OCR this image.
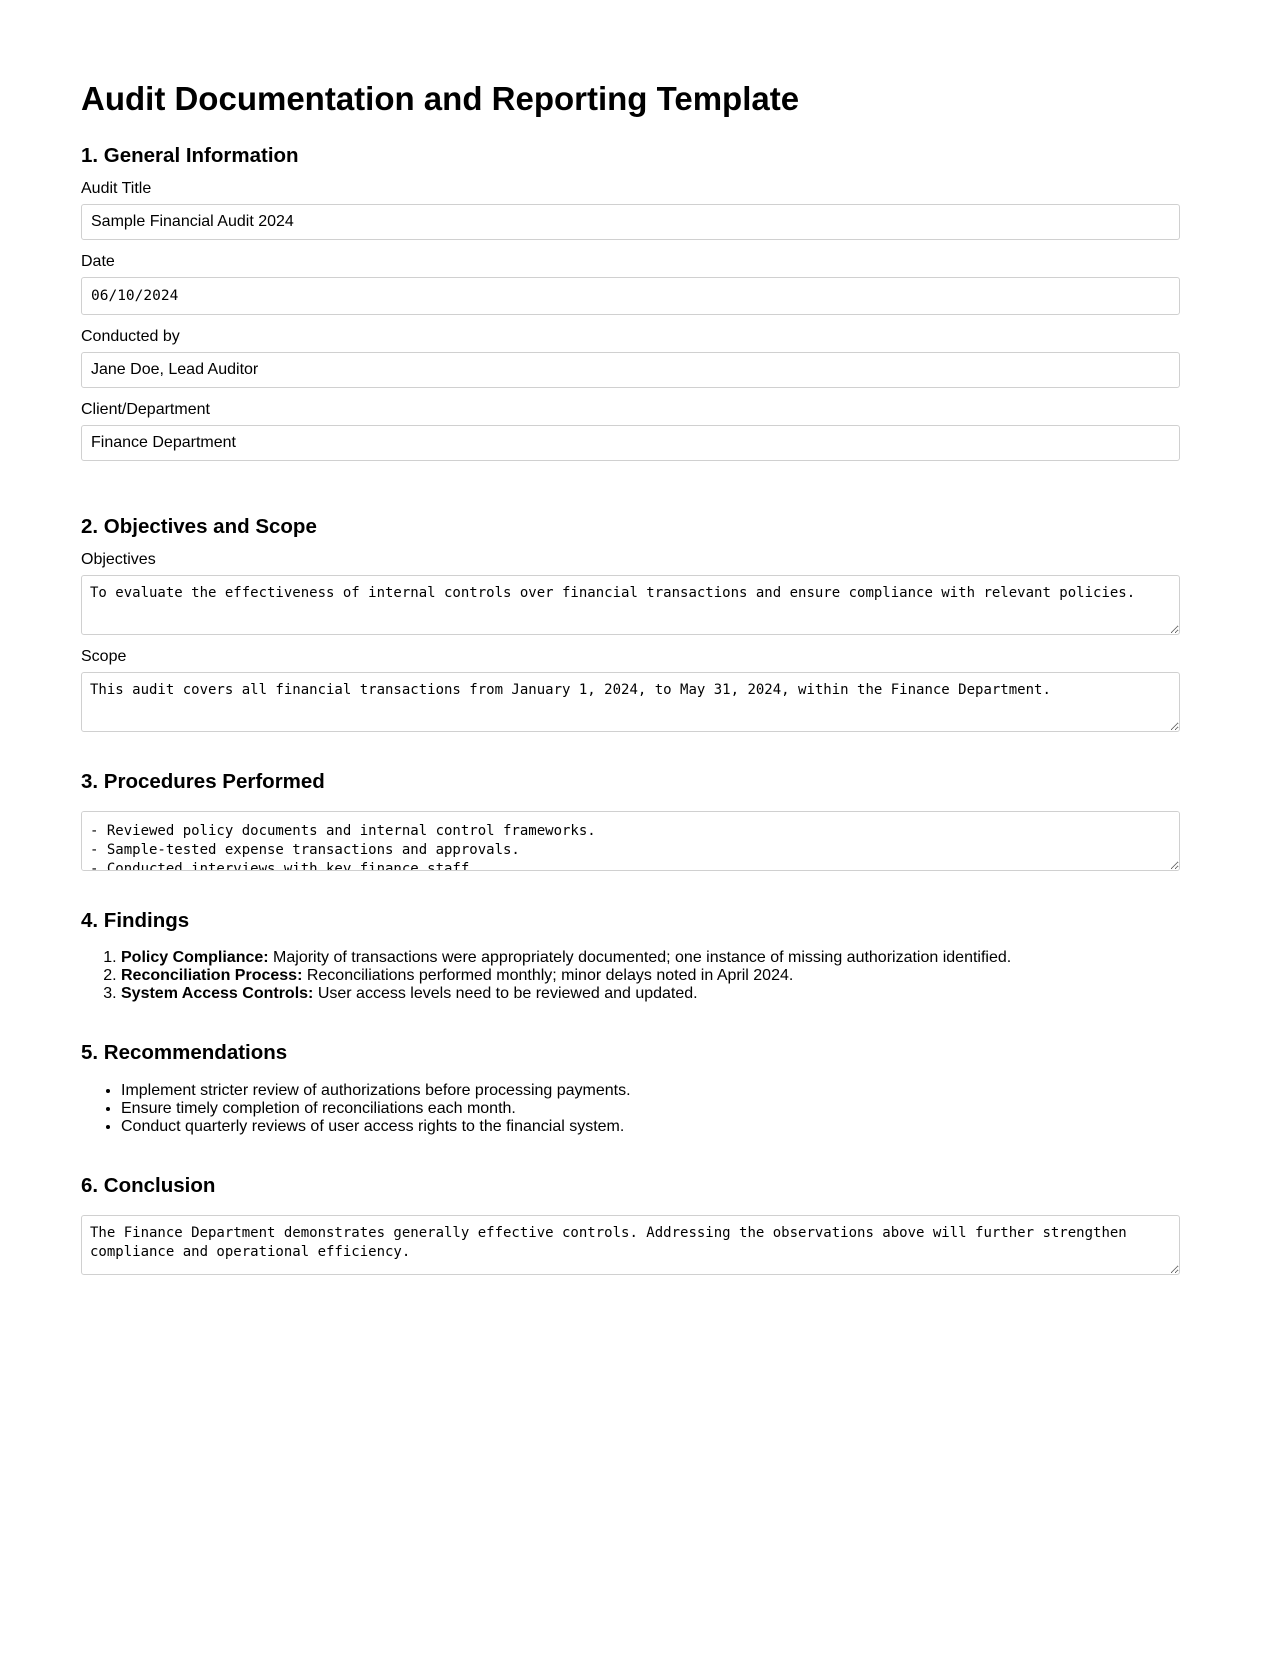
Audit Documentation and Reporting Template
1. General Information
Audit Title
Sample Financial Audit 2024
Date
06/10/2024
Conducted by
Jane Doe, Lead Auditor
Client/Department
Finance Department
2. Objectives and Scope
Objectives
To evaluate the effectiveness of internal controls over financial transactions and ensure compliance with relevant policies.
Scope
This audit covers all financial transactions from January 1, 2024, to May 31, 2024, within the Finance Department.
3. Procedures Performed
- Reviewed policy documents and internal control frameworks. - Sample-tested expense transactions and approvals. - Conducted interviews with key finance staff.
4. Findings
1. Policy Compliance: Majority of transactions were appropriately documented; one instance of missing authorization identified.
2. Reconciliation Process: Reconciliations performed monthly; minor delays noted in April 2024.
3. System Access Controls: User access levels need to be reviewed and updated.
5. Recommendations
• Implement stricter review of authorizations before processing payments.
• Ensure timely completion of reconciliations each month.
• Conduct quarterly reviews of user access rights to the financial system.
6. Conclusion
The Finance Department demonstrates generally effective controls. Addressing the observations above will further strengthen compliance and operational efficiency.
